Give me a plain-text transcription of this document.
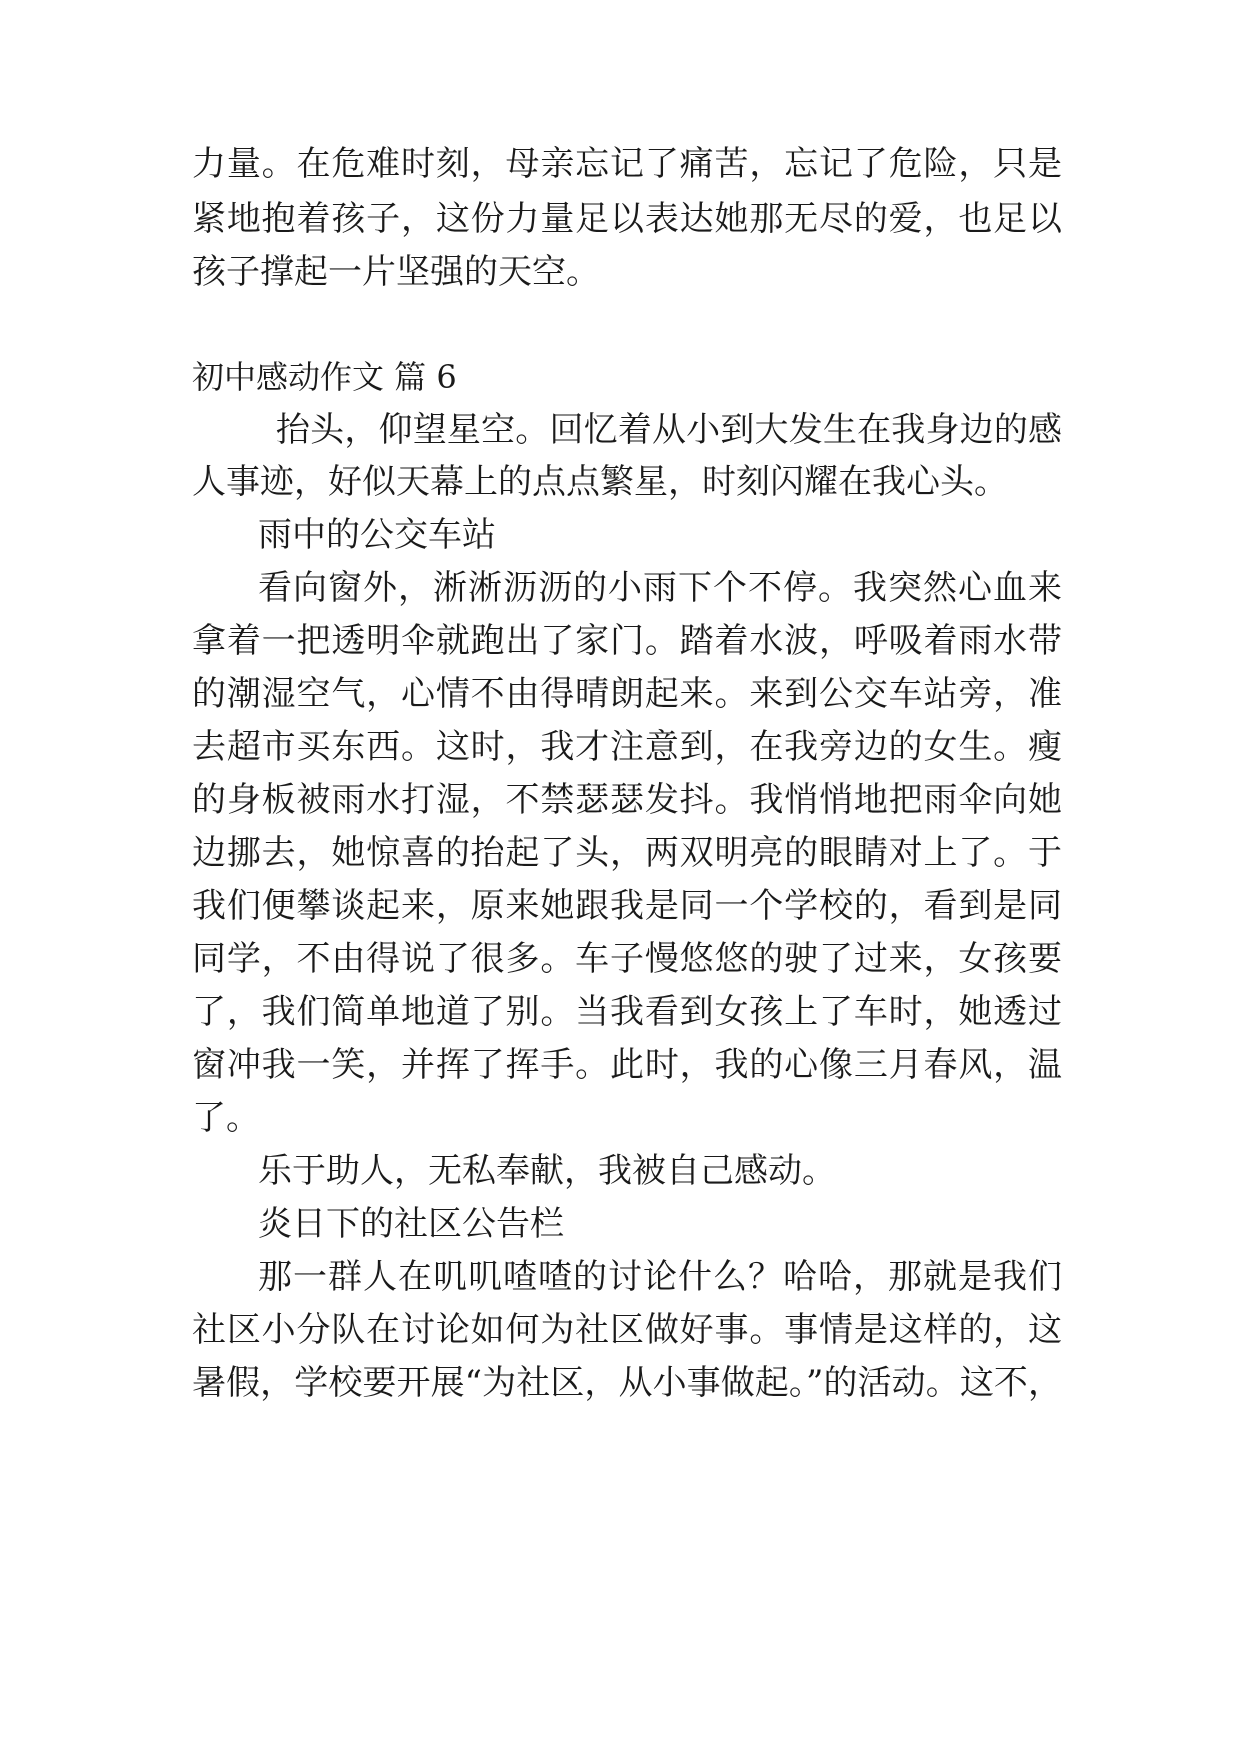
力量。在危难时刻，母亲忘记了痛苦，忘记了危险，只是
紧地抱着孩子，这份力量足以表达她那无尽的爱，也足以
孩子撑起一片坚强的天空。
初中感动作文 篇 6
抬头，仰望星空。回忆着从小到大发生在我身边的感
人事迹，好似天幕上的点点繁星，时刻闪耀在我心头。
雨中的公交车站
看向窗外，淅淅沥沥的小雨下个不停。我突然心血来
拿着一把透明伞就跑出了家门。踏着水波，呼吸着雨水带
的潮湿空气，心情不由得晴朗起来。来到公交车站旁，准
去超市买东西。这时，我才注意到，在我旁边的女生。瘦
的身板被雨水打湿，不禁瑟瑟发抖。我悄悄地把雨伞向她
边挪去，她惊喜的抬起了头，两双明亮的眼睛对上了。于
我们便攀谈起来，原来她跟我是同一个学校的，看到是同
同学，不由得说了很多。车子慢悠悠的驶了过来，女孩要
了，我们简单地道了别。当我看到女孩上了车时，她透过
窗冲我一笑，并挥了挥手。此时，我的心像三月春风，温
了。
乐于助人，无私奉献，我被自己感动。
炎日下的社区公告栏
那一群人在叽叽喳喳的讨论什么？哈哈，那就是我们
社区小分队在讨论如何为社区做好事。事情是这样的，这
暑假，学校要开展“为社区，从小事做起。”的活动。这不，
